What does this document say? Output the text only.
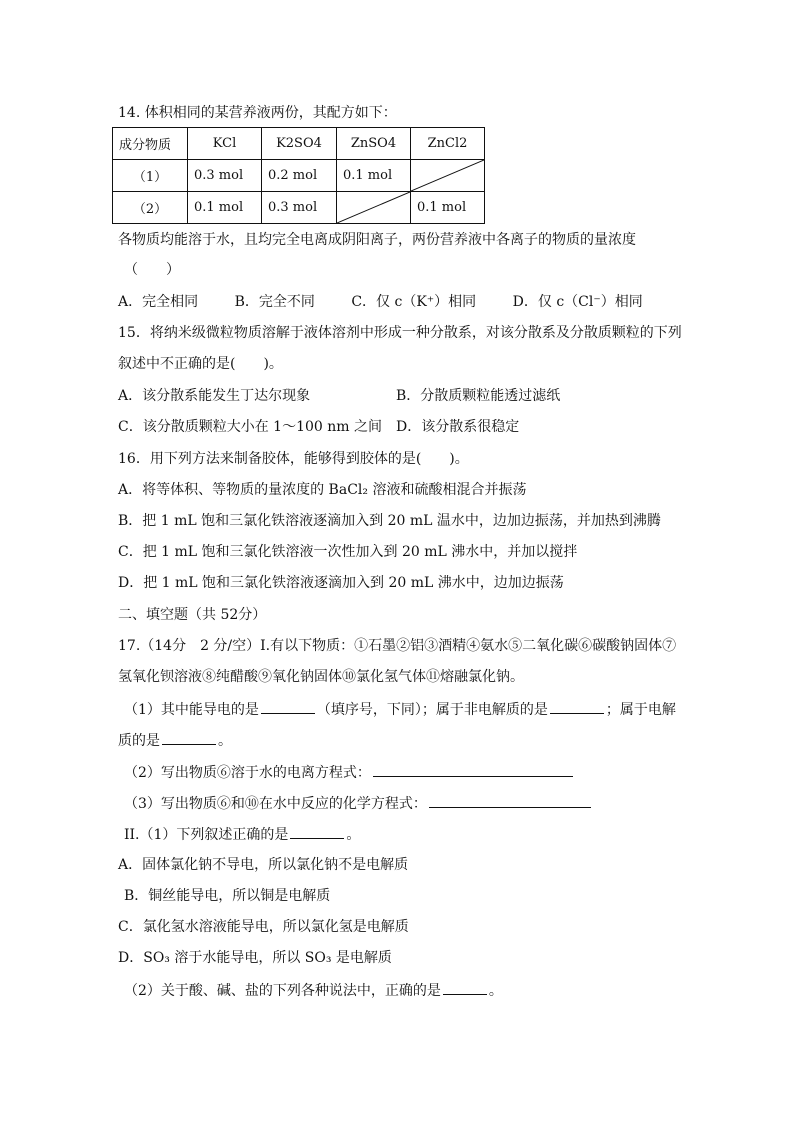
14. 体积相同的某营养液两份，其配方如下：
成分物质	KCl	K2SO4	ZnSO4	ZnCl2
（1）	0.3 mol	0.2 mol	0.1 mol	

（2）	0.1 mol	0.3 mol		0.1 mol
各物质均能溶于水，且均完全电离成阴阳离子，两份营养液中各离子的物质的量浓度
（　　）
A．完全相同	B．完全不同	C．仅 c（K⁺）相同	D．仅 c（Cl⁻）相同
15．将纳米级微粒物质溶解于液体溶剂中形成一种分散系，对该分散系及分散质颗粒的下列
叙述中不正确的是(　　)。
A．该分散系能发生丁达尔现象	B．分散质颗粒能透过滤纸
C．该分散质颗粒大小在 1～100 nm 之间 D．该分散系很稳定
16．用下列方法来制备胶体，能够得到胶体的是(　　)。
A．将等体积、等物质的量浓度的 BaCl₂ 溶液和硫酸相混合并振荡
B．把 1 mL 饱和三氯化铁溶液逐滴加入到 20 mL 温水中，边加边振荡，并加热到沸腾
C．把 1 mL 饱和三氯化铁溶液一次性加入到 20 mL 沸水中，并加以搅拌
D．把 1 mL 饱和三氯化铁溶液逐滴加入到 20 mL 沸水中，边加边振荡
二、填空题（共 52分）
17.（14分　2 分/空）I.有以下物质：①石墨②铝③酒精④氨水⑤二氧化碳⑥碳酸钠固体⑦
氢氧化钡溶液⑧纯醋酸⑨氧化钠固体⑩氯化氢气体⑪熔融氯化钠。
（1）其中能导电的是	（填序号，下同）；属于非电解质的是	；属于电解
质的是	。
（2）写出物质⑥溶于水的电离方程式：
（3）写出物质⑥和⑩在水中反应的化学方程式：
II.（1）下列叙述正确的是	。
A．固体氯化钠不导电，所以氯化钠不是电解质
B．铜丝能导电，所以铜是电解质
C．氯化氢水溶液能导电，所以氯化氢是电解质
D．SO₃ 溶于水能导电，所以 SO₃ 是电解质
（2）关于酸、碱、盐的下列各种说法中，正确的是	。
